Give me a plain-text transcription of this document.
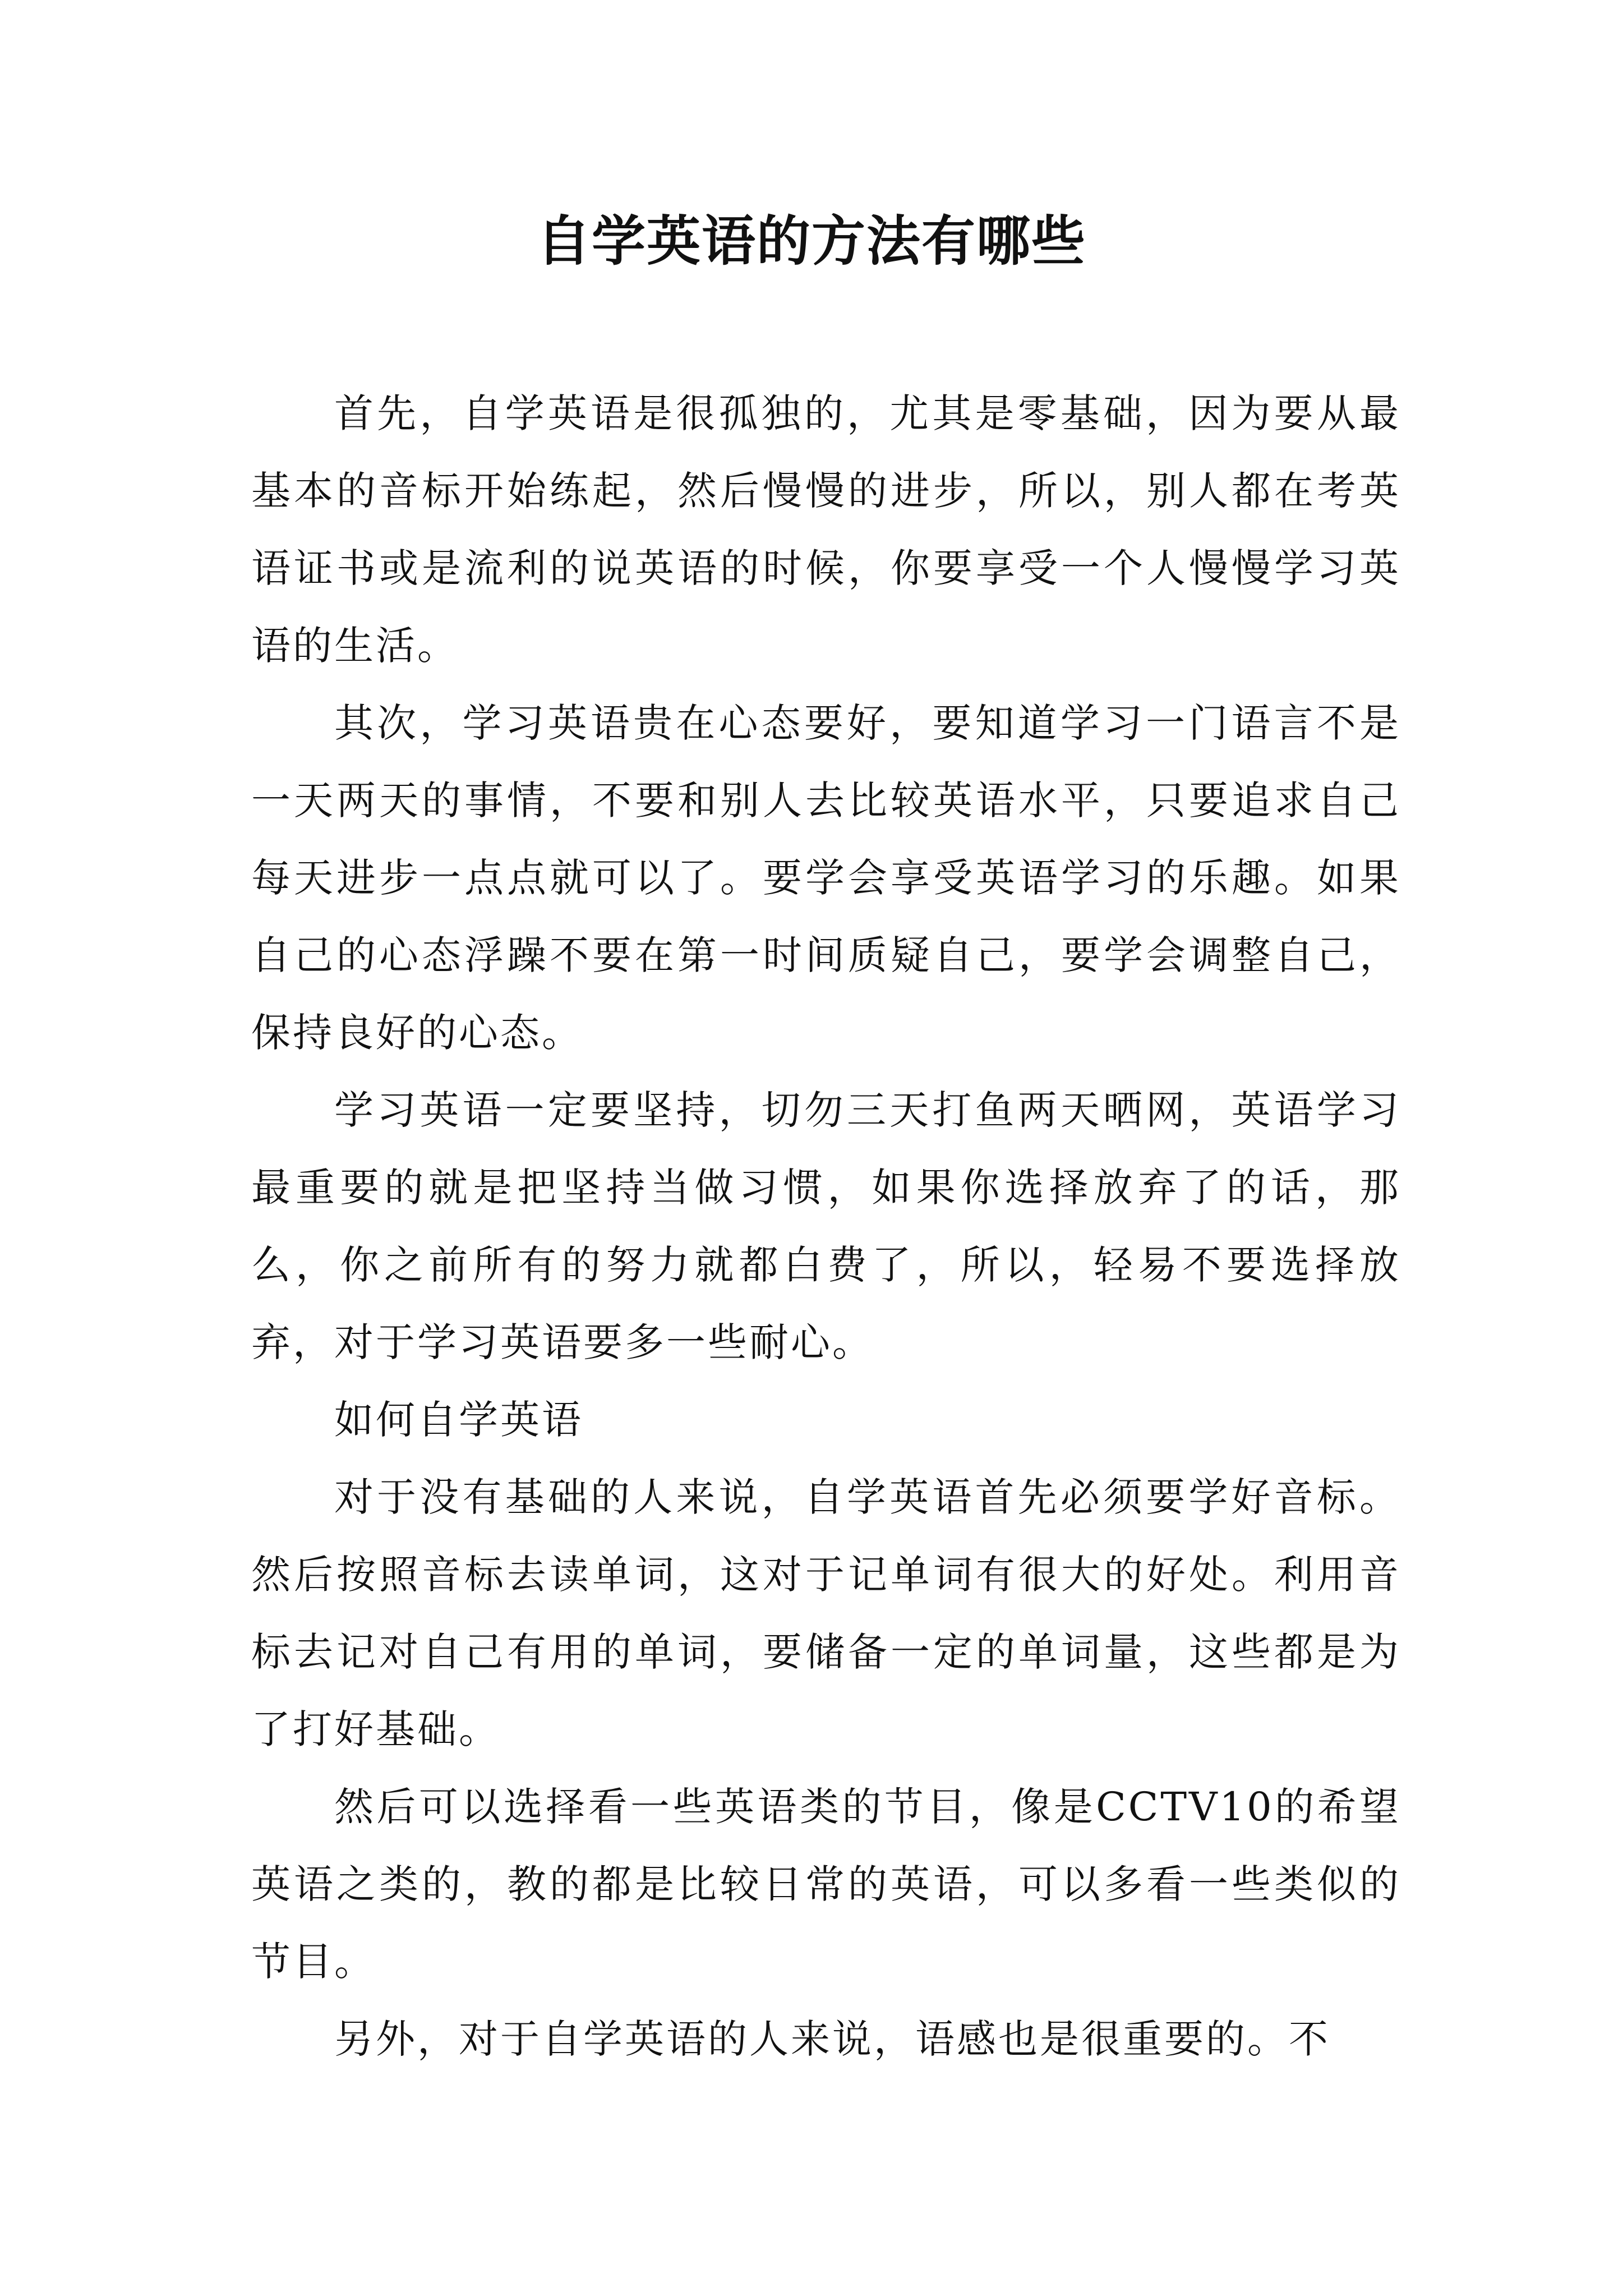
自学英语的方法有哪些

首先，自学英语是很孤独的，尤其是零基础，因为要从最基本的音标开始练起，然后慢慢的进步，所以，别人都在考英语证书或是流利的说英语的时候，你要享受一个人慢慢学习英语的生活。

其次，学习英语贵在心态要好，要知道学习一门语言不是一天两天的事情，不要和别人去比较英语水平，只要追求自己每天进步一点点就可以了。要学会享受英语学习的乐趣。如果自己的心态浮躁不要在第一时间质疑自己，要学会调整自己，保持良好的心态。

学习英语一定要坚持，切勿三天打鱼两天晒网，英语学习最重要的就是把坚持当做习惯，如果你选择放弃了的话，那么，你之前所有的努力就都白费了，所以，轻易不要选择放弃，对于学习英语要多一些耐心。

如何自学英语

对于没有基础的人来说，自学英语首先必须要学好音标。然后按照音标去读单词，这对于记单词有很大的好处。利用音标去记对自己有用的单词，要储备一定的单词量，这些都是为了打好基础。

然后可以选择看一些英语类的节目，像是CCTV10的希望英语之类的，教的都是比较日常的英语，可以多看一些类似的节目。

另外，对于自学英语的人来说，语感也是很重要的。不
